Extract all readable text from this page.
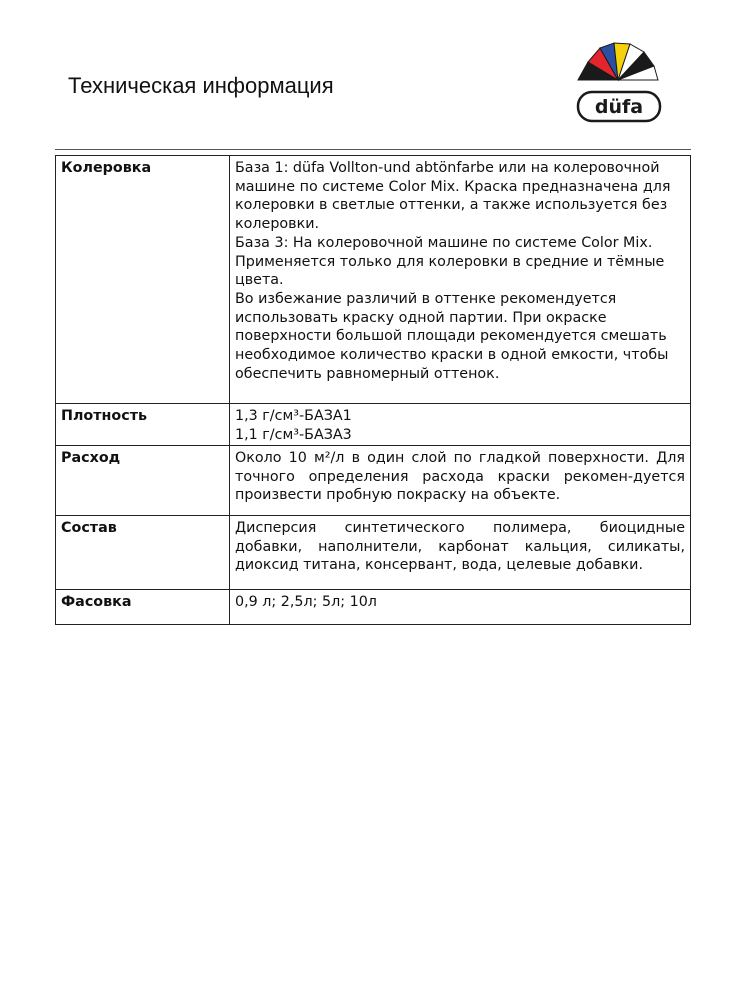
Техническая информация
düfa
Колеровка	База 1: düfa Vollton-und abtönfarbe или на колеровочной машине по системе Color Mix. Краска предназначена для колеровки в светлые оттенки, а также используется без колеровки.

База 3: На колеровочной машине по системе Color Mix. Применяется только для колеровки в средние и тёмные цвета.

Во избежание различий в оттенке рекомендуется использовать краску одной партии. При окраске поверхности большой площади рекомендуется смешать необходимое количество краски в одной емкости, чтобы обеспечить равномерный оттенок.

Плотность	1,3 г/см³-БАЗА1

1,1 г/см³-БАЗА3

Расход	Около 10 м²/л в один слой по гладкой поверхности. Для точного определения расхода краски рекомен-дуется произвести пробную покраску на объекте.

Состав	Дисперсия синтетического полимера, биоцидные добавки, наполнители, карбонат кальция, силикаты, диоксид титана, консервант, вода, целевые добавки.

Фасовка	0,9 л; 2,5л; 5л; 10л
